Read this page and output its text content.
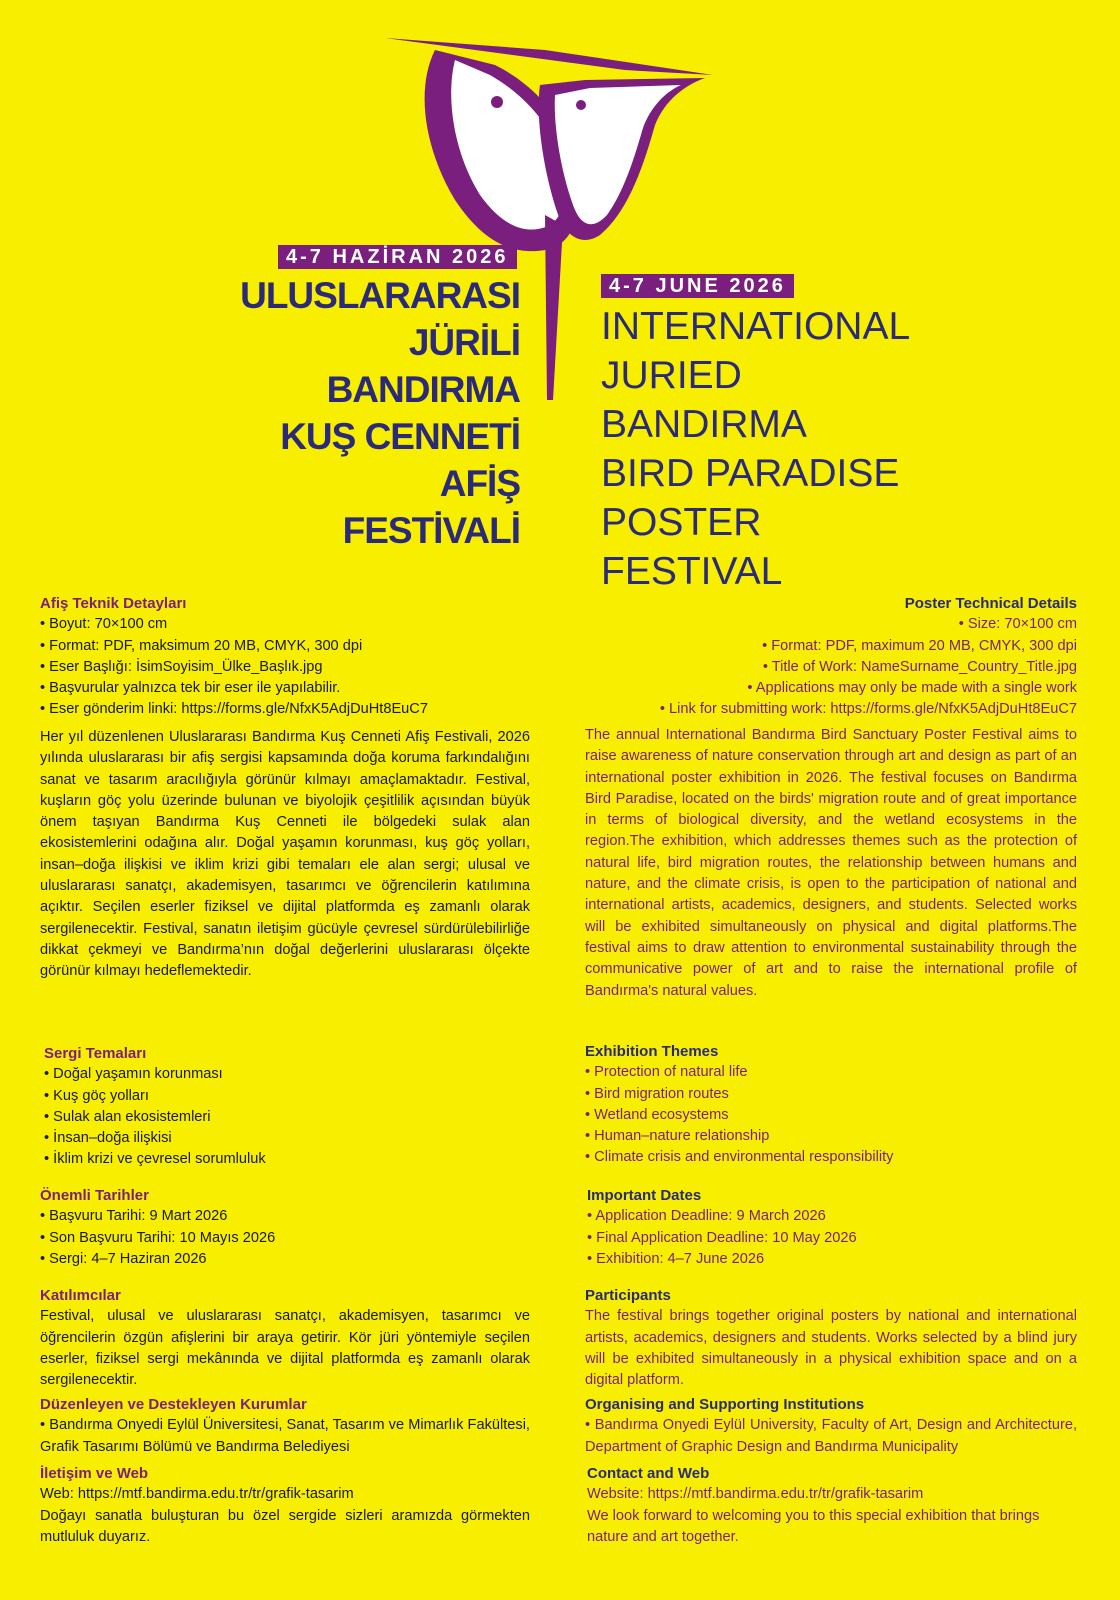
4-7 HAZİRAN 2026
ULUSLARARASI
JÜRİLİ
BANDIRMA
KUŞ CENNETİ
AFİŞ
FESTİVALİ
4-7 JUNE 2026
INTERNATIONAL
JURIED
BANDIRMA
BIRD PARADISE
POSTER
FESTIVAL
Afiş Teknik Detayları
• Boyut: 70×100 cm
• Format: PDF, maksimum 20 MB, CMYK, 300 dpi
• Eser Başlığı: İsimSoyisim_Ülke_Başlık.jpg
• Başvurular yalnızca tek bir eser ile yapılabilir.
• Eser gönderim linki: https://forms.gle/NfxK5AdjDuHt8EuC7
Her yıl düzenlenen Uluslararası Bandırma Kuş Cenneti Afiş Festivali, 2026 yılında uluslararası bir afiş sergisi kapsamında doğa koruma farkındalığını sanat ve tasarım aracılığıyla görünür kılmayı amaçlamaktadır. Festival, kuşların göç yolu üzerinde bulunan ve biyolojik çeşitlilik açısından büyük önem taşıyan Bandırma Kuş Cenneti ile bölgedeki sulak alan ekosistemlerini odağına alır. Doğal yaşamın korunması, kuş göç yolları, insan–doğa ilişkisi ve iklim krizi gibi temaları ele alan sergi; ulusal ve uluslararası sanatçı, akademisyen, tasarımcı ve öğrencilerin katılımına açıktır. Seçilen eserler fiziksel ve dijital platformda eş zamanlı olarak sergilenecektir. Festival, sanatın iletişim gücüyle çevresel sürdürülebilirliğe dikkat çekmeyi ve Bandırma’nın doğal değerlerini uluslararası ölçekte görünür kılmayı hedeflemektedir.
Sergi Temaları
• Doğal yaşamın korunması
• Kuş göç yolları
• Sulak alan ekosistemleri
• İnsan–doğa ilişkisi
• İklim krizi ve çevresel sorumluluk
Önemli Tarihler
• Başvuru Tarihi: 9 Mart 2026
• Son Başvuru Tarihi: 10 Mayıs 2026
• Sergi: 4–7 Haziran 2026
Katılımcılar
Festival, ulusal ve uluslararası sanatçı, akademisyen, tasarımcı ve öğrencilerin özgün afişlerini bir araya getirir. Kör jüri yöntemiyle seçilen eserler, fiziksel sergi mekânında ve dijital platformda eş zamanlı olarak sergilenecektir.
Düzenleyen ve Destekleyen Kurumlar
• Bandırma Onyedi Eylül Üniversitesi, Sanat, Tasarım ve Mimarlık Fakültesi, Grafik Tasarımı Bölümü ve Bandırma Belediyesi
İletişim ve Web
Web: https://mtf.bandirma.edu.tr/tr/grafik-tasarim
Doğayı sanatla buluşturan bu özel sergide sizleri aramızda görmekten mutluluk duyarız.
Poster Technical Details
• Size: 70×100 cm
• Format: PDF, maximum 20 MB, CMYK, 300 dpi
• Title of Work: NameSurname_Country_Title.jpg
• Applications may only be made with a single work
• Link for submitting work: https://forms.gle/NfxK5AdjDuHt8EuC7
The annual International Bandırma Bird Sanctuary Poster Festival aims to raise awareness of nature conservation through art and design as part of an international poster exhibition in 2026. The festival focuses on Bandırma Bird Paradise, located on the birds' migration route and of great importance in terms of biological diversity, and the wetland ecosystems in the region.The exhibition, which addresses themes such as the protection of natural life, bird migration routes, the relationship between humans and nature, and the climate crisis, is open to the participation of national and international artists, academics, designers, and students. Selected works will be exhibited simultaneously on physical and digital platforms.The festival aims to draw attention to environmental sustainability through the communicative power of art and to raise the international profile of Bandırma's natural values.
Exhibition Themes
• Protection of natural life
• Bird migration routes
• Wetland ecosystems
• Human–nature relationship
• Climate crisis and environmental responsibility
Important Dates
• Application Deadline: 9 March 2026
• Final Application Deadline: 10 May 2026
• Exhibition: 4–7 June 2026
Participants
The festival brings together original posters by national and international artists, academics, designers and students. Works selected by a blind jury will be exhibited simultaneously in a physical exhibition space and on a digital platform.
Organising and Supporting Institutions
• Bandırma Onyedi Eylül University, Faculty of Art, Design and Architecture, Department of Graphic Design and Bandırma Municipality
Contact and Web
Website: https://mtf.bandirma.edu.tr/tr/grafik-tasarim
We look forward to welcoming you to this special exhibition that brings nature and art together.
